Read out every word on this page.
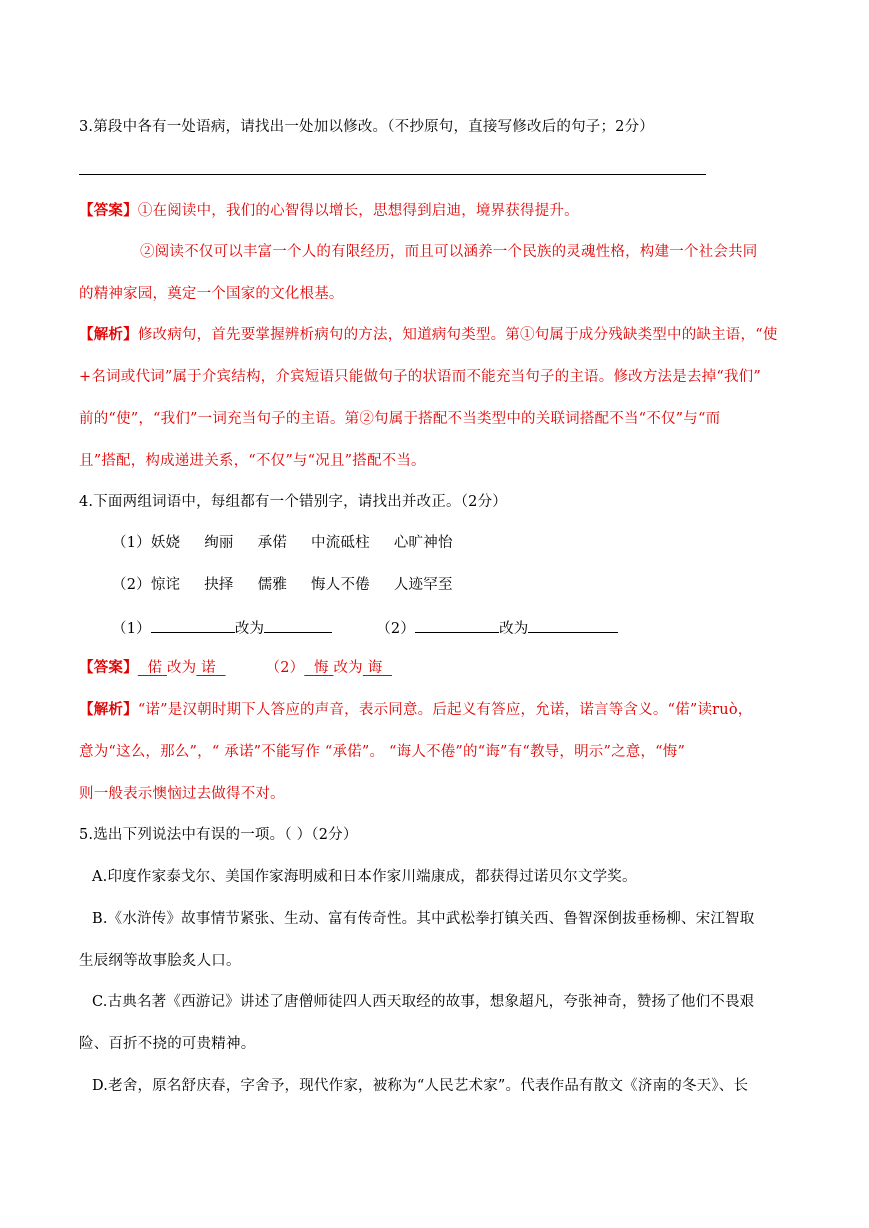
3.第段中各有一处语病，请找出一处加以修改。（不抄原句，直接写修改后的句子；2分）
【答案】①在阅读中，我们的心智得以增长，思想得到启迪，境界获得提升。
②阅读不仅可以丰富一个人的有限经历，而且可以涵养一个民族的灵魂性格，构建一个社会共同
的精神家园，奠定一个国家的文化根基。
【解析】修改病句，首先要掌握辨析病句的方法，知道病句类型。第①句属于成分残缺类型中的缺主语，“使
+名词或代词”属于介宾结构，介宾短语只能做句子的状语而不能充当句子的主语。修改方法是去掉“我们”
前的“使”，“我们”一词充当句子的主语。第②句属于搭配不当类型中的关联词搭配不当“不仅”与“而
且”搭配，构成递进关系，“不仅”与“况且”搭配不当。
4.下面两组词语中，每组都有一个错别字，请找出并改正。（2分）
（1）妖娆 绚丽 承偌 中流砥柱 心旷神怡
（2）惊诧 抉择 儒雅 悔人不倦 人迹罕至
（1）	改为	（2）	改为
【答案】 偌 改为 诺	（2） 悔 改为 诲
【解析】“诺”是汉朝时期下人答应的声音，表示同意。后起义有答应，允诺，诺言等含义。“偌”读ruò，
意为“这么，那么”，“ 承诺”不能写作 “承偌”。 “诲人不倦”的“诲”有“教导，明示”之意，“悔”
则一般表示懊恼过去做得不对。
5.选出下列说法中有误的一项。（ ）（2分）
A.印度作家泰戈尔、美国作家海明威和日本作家川端康成，都获得过诺贝尔文学奖。
B.《水浒传》故事情节紧张、生动、富有传奇性。其中武松拳打镇关西、鲁智深倒拔垂杨柳、宋江智取
生辰纲等故事脍炙人口。
C.古典名著《西游记》讲述了唐僧师徒四人西天取经的故事，想象超凡，夸张神奇，赞扬了他们不畏艰
险、百折不挠的可贵精神。
D.老舍，原名舒庆春，字舍予，现代作家，被称为“人民艺术家”。代表作品有散文《济南的冬天》、长
